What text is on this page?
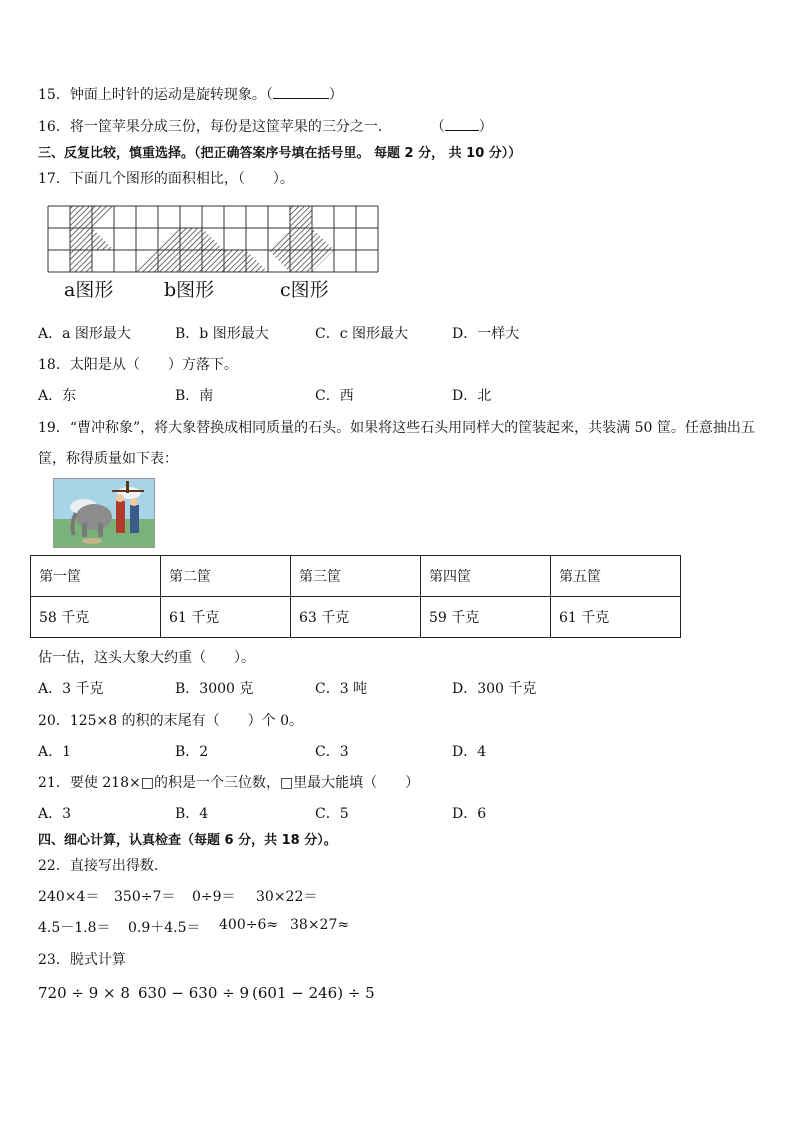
15．钟面上时针的运动是旋转现象。（	）
16．将一筐苹果分成三份，每份是这筐苹果的三分之一．	（ ）
三、反复比较，慎重选择。（把正确答案序号填在括号里。 每题 2 分， 共 10 分））
17．下面几个图形的面积相比，（　　）。
a图形	b图形	c图形
A．a 图形最大	B．b 图形最大	C．c 图形最大	D．一样大
18．太阳是从（　　）方落下。
A．东	B．南	C．西	D．北
19．“曹冲称象”，将大象替换成相同质量的石头。如果将这些石头用同样大的筐装起来，共装满 50 筐。任意抽出五
筐，称得质量如下表：
第一筐	第二筐	第三筐	第四筐	第五筐
58 千克	61 千克	63 千克	59 千克	61 千克
估一估，这头大象大约重（　　）。
A．3 千克	B．3000 克	C．3 吨	D．300 千克
20．125×8 的积的末尾有（　　）个 0。
A．1	B．2	C．3	D．4
21．要使 218×□的积是一个三位数，□里最大能填（　　）
A．3	B．4	C．5	D．6
四、细心计算，认真检查（每题 6 分，共 18 分）。
22．直接写出得数．
240×4＝ 350÷7＝ 0÷9＝ 30×22＝
4.5－1.8＝ 0.9＋4.5＝ 400÷6≈ 38×27≈
23．脱式计算
720 ÷ 9 × 8 630 − 630 ÷ 9 (601 − 246) ÷ 5
